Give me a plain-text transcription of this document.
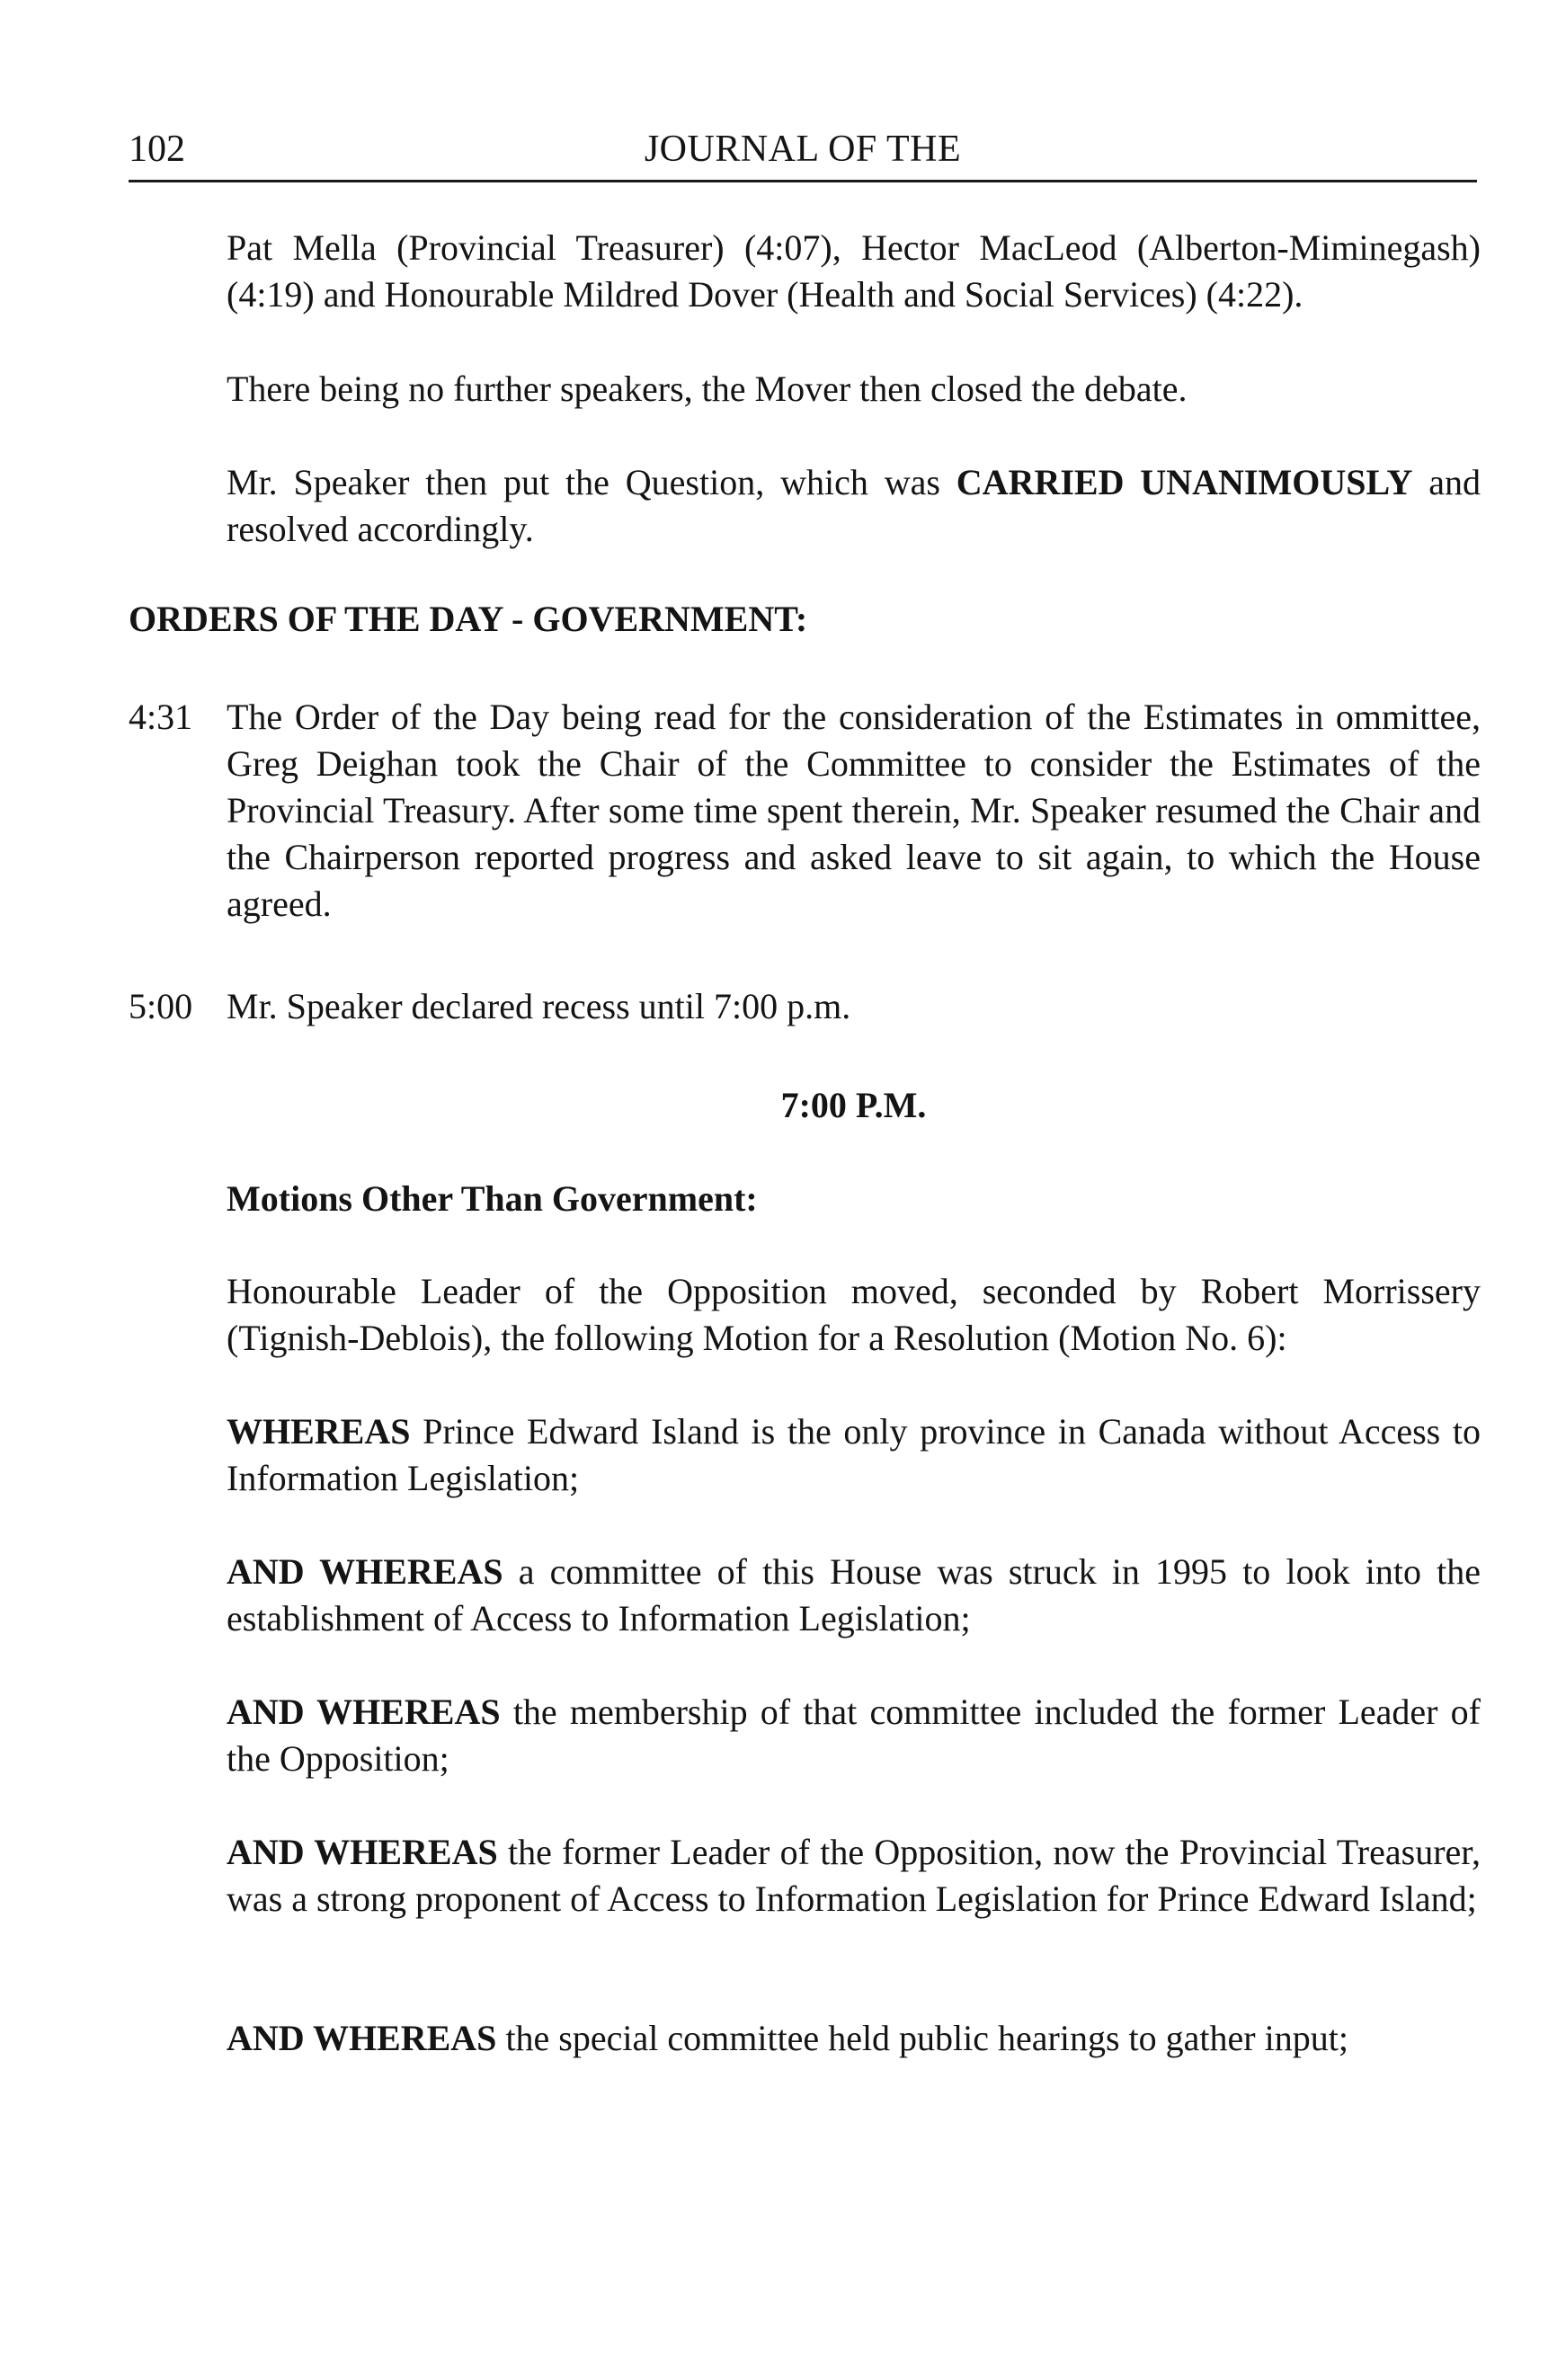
102	JOURNAL OF THE

Pat Mella (Provincial Treasurer) (4:07), Hector MacLeod (Alberton-Miminegash) (4:19) and Honourable Mildred Dover (Health and Social Services) (4:22).

There being no further speakers, the Mover then closed the debate.

Mr. Speaker then put the Question, which was CARRIED UNANIMOUSLY and resolved accordingly.

ORDERS OF THE DAY - GOVERNMENT:
4:31 The Order of the Day being read for the consideration of the Estimates in ommittee, Greg Deighan took the Chair of the Committee to consider the Estimates of the Provincial Treasury. After some time spent therein, Mr. Speaker resumed the Chair and the Chairperson reported progress and asked leave to sit again, to which the House agreed.

5:00 Mr. Speaker declared recess until 7:00 p.m.

7:00 P.M.

Motions Other Than Government:

Honourable Leader of the Opposition moved, seconded by Robert Morrissery (Tignish-Deblois), the following Motion for a Resolution (Motion No. 6):

WHEREAS Prince Edward Island is the only province in Canada without Access to Information Legislation;

AND WHEREAS a committee of this House was struck in 1995 to look into the establishment of Access to Information Legislation;

AND WHEREAS the membership of that committee included the former Leader of the Opposition;

AND WHEREAS the former Leader of the Opposition, now the Provincial Treasurer, was a strong proponent of Access to Information Legislation for Prince Edward Island;

AND WHEREAS the special committee held public hearings to gather input;
